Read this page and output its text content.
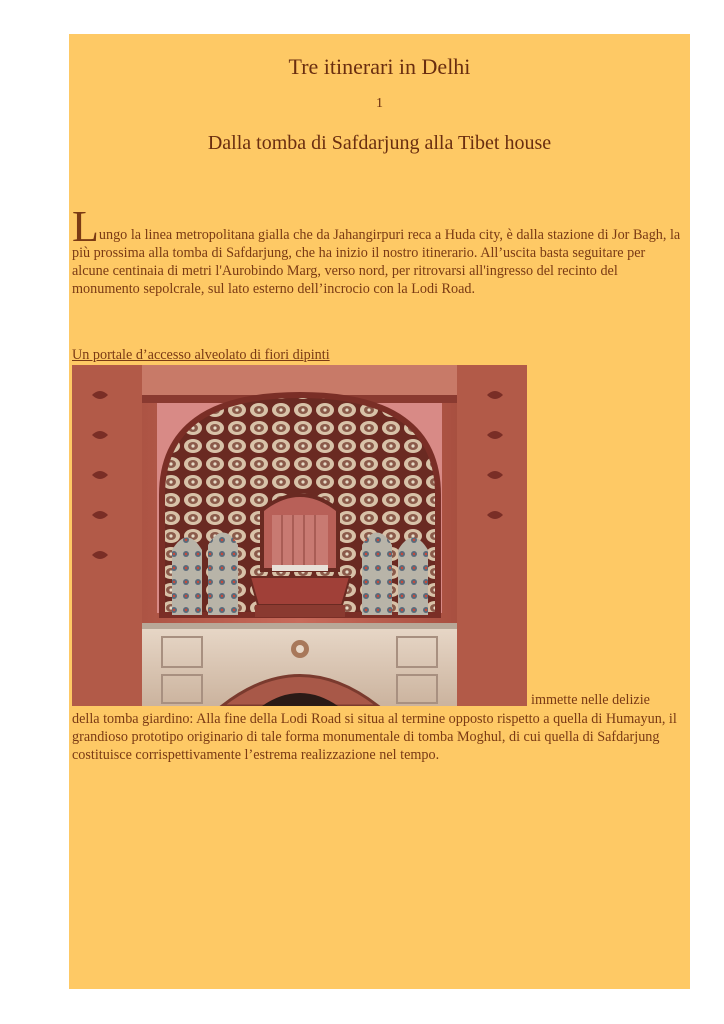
Tre itinerari in Delhi
1
Dalla tomba di Safdarjung alla Tibet house
Lungo la linea metropolitana gialla che da Jahangirpuri reca a Huda city, è dalla stazione di Jor Bagh, la più prossima alla tomba di Safdarjung, che ha inizio il nostro itinerario. All’uscita basta seguitare per alcune centinaia di metri l'Aurobindo Marg, verso nord, per ritrovarsi all'ingresso del recinto del monumento sepolcrale, sul lato esterno dell’incrocio con la Lodi Road.
Un portale d’accesso alveolato di fiori dipinti
immette nelle delizie
della tomba giardino: Alla fine della Lodi Road si situa al termine opposto rispetto a quella di Humayun, il grandioso prototipo originario di tale forma monumentale di tomba Moghul, di cui quella di Safdarjung costituisce corrispettivamente l’estrema realizzazione nel tempo.
